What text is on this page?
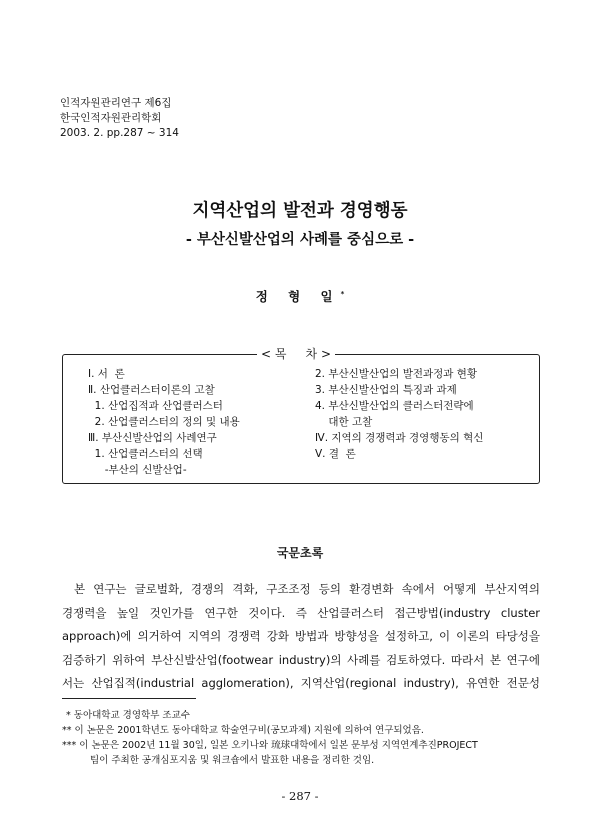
인적자원관리연구 제6집
한국인적자원관리학회
2003. 2. pp.287 ~ 314
지역산업의 발전과 경영행동
- 부산신발산업의 사례를 중심으로 -
정 형 일*
< 목     차 >
Ⅰ. 서  론
Ⅱ. 산업클러스터이론의 고찰
1. 산업집적과 산업클러스터
2. 산업클러스터의 정의 및 내용
Ⅲ. 부산신발산업의 사례연구
1. 산업클러스터의 선택
-부산의 신발산업-
2. 부산신발산업의 발전과정과 현황
3. 부산신발산업의 특징과 과제
4. 부산신발산업의 클러스터전략에
대한 고찰
Ⅳ. 지역의 경쟁력과 경영행동의 혁신
Ⅴ. 결  론
국문초록
본 연구는 글로벌화, 경쟁의 격화, 구조조정 등의 환경변화 속에서 어떻게 부산지역의
경쟁력을 높일 것인가를 연구한 것이다. 즉 산업클러스터 접근방법(industry cluster
approach)에 의거하여 지역의 경쟁력 강화 방법과 방향성을 설정하고, 이 이론의 타당성을
검증하기 위하여 부산신발산업(footwear industry)의 사례를 검토하였다. 따라서 본 연구에
서는 산업집적(industrial agglomeration), 지역산업(regional industry), 유연한 전문성
* 동아대학교 경영학부 조교수
** 이 논문은 2001학년도 동아대학교 학술연구비(공모과제) 지원에 의하여 연구되었음.
*** 이 논문은 2002년 11월 30일, 일본 오키나와 琉球대학에서 일본 문부성 지역연계추진PROJECT
팀이 주최한 공개심포지움 및 워크숍에서 발표한 내용을 정리한 것임.
- 287 -
